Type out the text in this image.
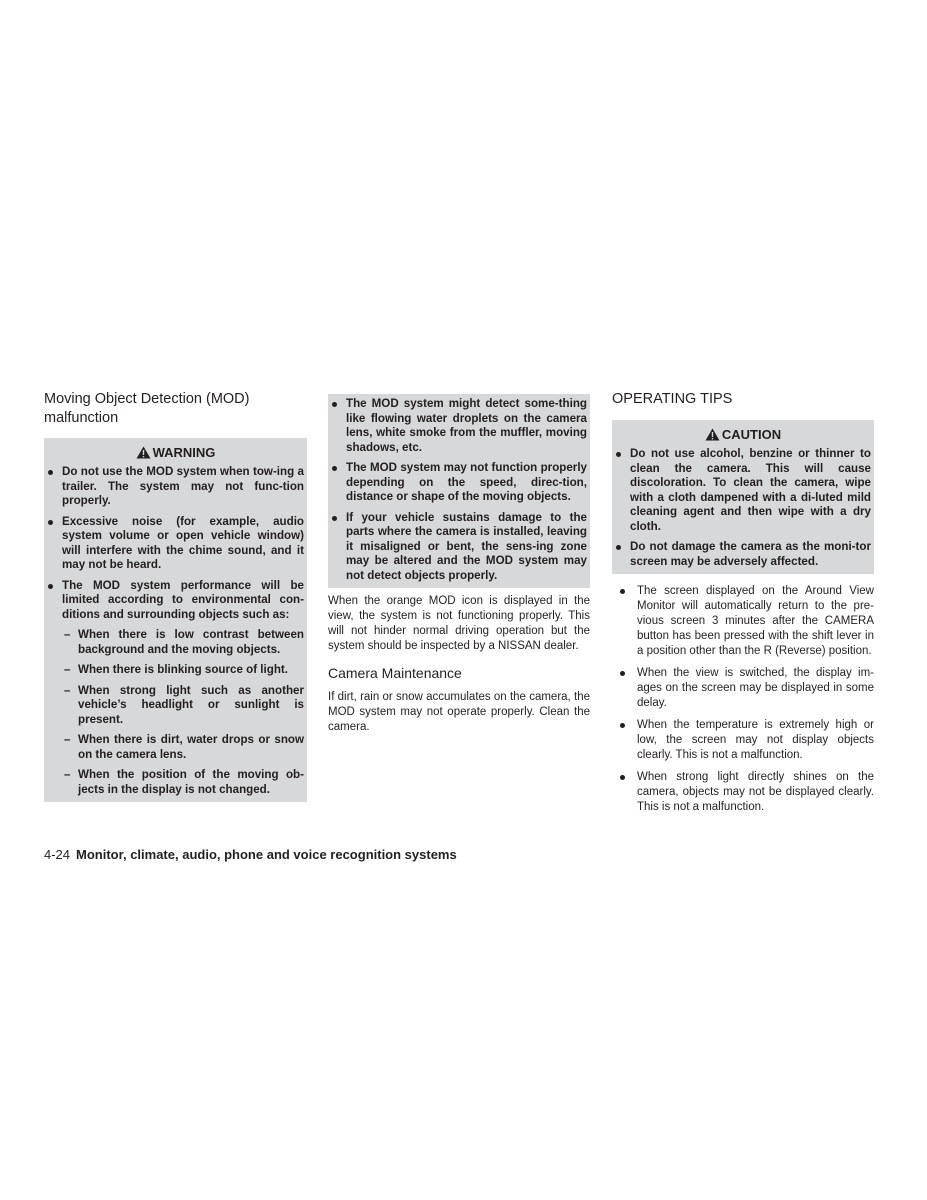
Moving Object Detection (MOD) malfunction
WARNING
Do not use the MOD system when tow-ing a trailer. The system may not func-tion properly.
Excessive noise (for example, audio system volume or open vehicle window) will interfere with the chime sound, and it may not be heard.
The MOD system performance will be limited according to environmental con-ditions and surrounding objects such as:
– When there is low contrast between background and the moving objects.
– When there is blinking source of light.
– When strong light such as another vehicle’s headlight or sunlight is present.
– When there is dirt, water drops or snow on the camera lens.
– When the position of the moving ob-jects in the display is not changed.
The MOD system might detect some-thing like flowing water droplets on the camera lens, white smoke from the muffler, moving shadows, etc.
The MOD system may not function properly depending on the speed, direc-tion, distance or shape of the moving objects.
If your vehicle sustains damage to the parts where the camera is installed, leaving it misaligned or bent, the sens-ing zone may be altered and the MOD system may not detect objects properly.

When the orange MOD icon is displayed in the view, the system is not functioning properly. This will not hinder normal driving operation but the system should be inspected by a NISSAN dealer.

Camera Maintenance

If dirt, rain or snow accumulates on the camera, the MOD system may not operate properly. Clean the camera.

OPERATING TIPS
CAUTION
Do not use alcohol, benzine or thinner to clean the camera. This will cause discoloration. To clean the camera, wipe with a cloth dampened with a di-luted mild cleaning agent and then wipe with a dry cloth.
Do not damage the camera as the moni-tor screen may be adversely affected.
The screen displayed on the Around View Monitor will automatically return to the pre-vious screen 3 minutes after the CAMERA button has been pressed with the shift lever in a position other than the R (Reverse) position.
When the view is switched, the display im-ages on the screen may be displayed in some delay.
When the temperature is extremely high or low, the screen may not display objects clearly. This is not a malfunction.
When strong light directly shines on the camera, objects may not be displayed clearly. This is not a malfunction.
4-24 Monitor, climate, audio, phone and voice recognition systems
